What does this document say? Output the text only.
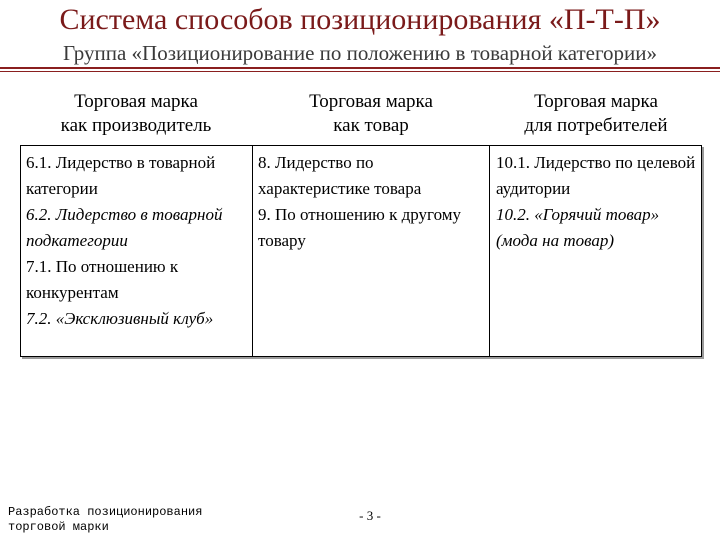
Система способов позиционирования «П-Т-П»
Группа «Позиционирование по положению в товарной категории»
Торговая марка
как производитель
Торговая марка
как товар
Торговая марка
для потребителей
6.1. Лидерство в товарной категории
6.2. Лидерство в товарной подкатегории
7.1. По отношению к конкурентам
7.2. «Эксклюзивный клуб»
8. Лидерство по характеристике товара
9. По отношению к другому товару
10.1. Лидерство по целевой аудитории
10.2. «Горячий товар» (мода на товар)
Разработка позиционирования
торговой марки
- 3 -
